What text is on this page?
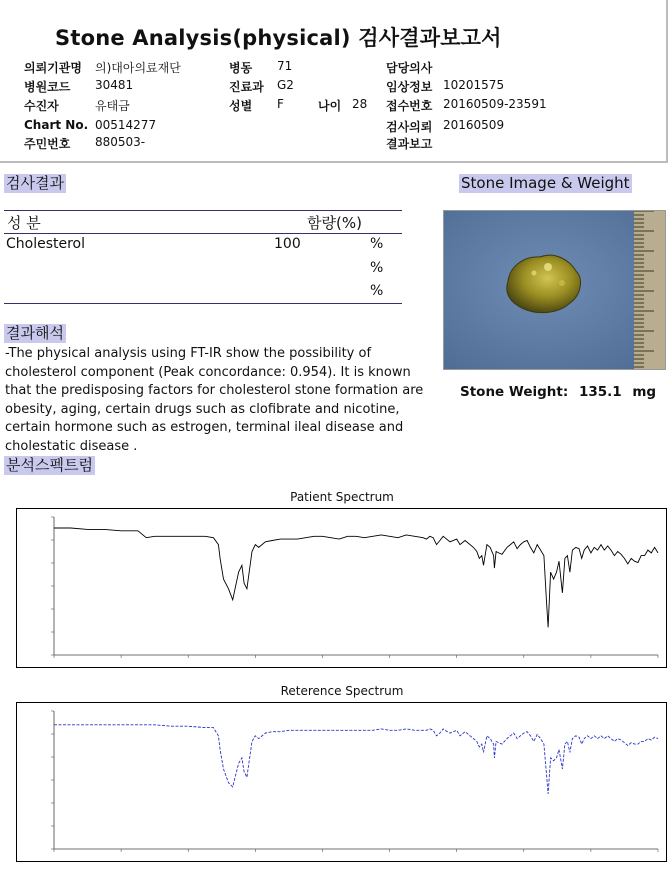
Stone Analysis(physical) 검사결과보고서
의뢰기관명 의)대아의료재단
병원코드 30481
수진자	유태금
Chart No. 00514277
주민번호 880503-
병동 71
진료과 G2
성별 F	나이 28
담당의사
임상정보 10201575
접수번호 20160509-23591
검사의뢰 20160509
결과보고
검사결과
성 분	함량(%)
Cholesterol	100	%
%
%
Stone Image & Weight
Stone Weight: 135.1 mg
결과해석
-The physical analysis using FT-IR show the possibility of cholesterol component (Peak concordance: 0.954). It is known that the predisposing factors for cholesterol stone formation are obesity, aging, certain drugs such as clofibrate and nicotine, certain hormone such as estrogen, terminal ileal disease and cholestatic disease .
분석스펙트럼
Patient Spectrum
Reterence Spectrum
